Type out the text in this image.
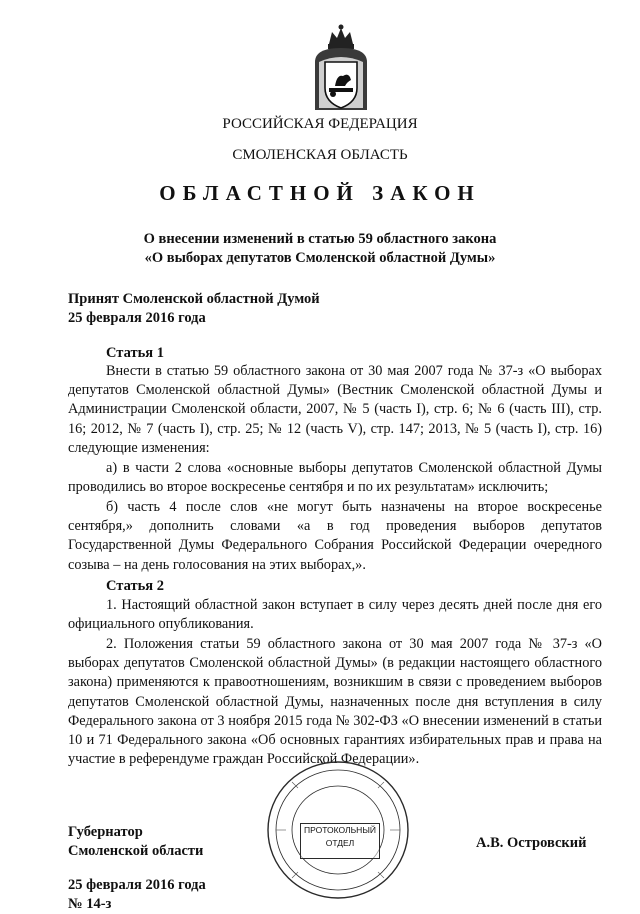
РОССИЙСКАЯ ФЕДЕРАЦИЯ
СМОЛЕНСКАЯ ОБЛАСТЬ
ОБЛАСТНОЙ ЗАКОН
О внесении изменений в статью 59 областного закона
«О выборах депутатов Смоленской областной Думы»
Принят Смоленской областной Думой
25 февраля 2016 года
Статья 1
Внести в статью 59 областного закона от 30 мая 2007 года № 37-з «О выборах депутатов Смоленской областной Думы» (Вестник Смоленской областной Думы и Администрации Смоленской области, 2007, № 5 (часть I), стр. 6; № 6 (часть III), стр. 16; 2012, № 7 (часть I), стр. 25; № 12 (часть V), стр. 147; 2013, № 5 (часть I), стр. 16) следующие изменения:
а) в части 2 слова «основные выборы депутатов Смоленской областной Думы проводились во второе воскресенье сентября и по их результатам» исключить;
б) часть 4 после слов «не могут быть назначены на второе воскресенье сентября,» дополнить словами «а в год проведения выборов депутатов Государственной Думы Федерального Собрания Российской Федерации очередного созыва – на день голосования на этих выборах,».
Статья 2
1. Настоящий областной закон вступает в силу через десять дней после дня его официального опубликования.
2. Положения статьи 59 областного закона от 30 мая 2007 года № 37-з «О выборах депутатов Смоленской областной Думы» (в редакции настоящего областного закона) применяются к правоотношениям, возникшим в связи с проведением выборов депутатов Смоленской областной Думы, назначенных после дня вступления в силу Федерального закона от 3 ноября 2015 года № 302-ФЗ «О внесении изменений в статьи 10 и 71 Федерального закона «Об основных гарантиях избирательных прав и права на участие в референдуме граждан Российской Федерации».
ПРОТОКОЛЬНЫЙ
ОТДЕЛ
Губернатор
Смоленской области	А.В. Островский
25 февраля 2016 года
№ 14-з
